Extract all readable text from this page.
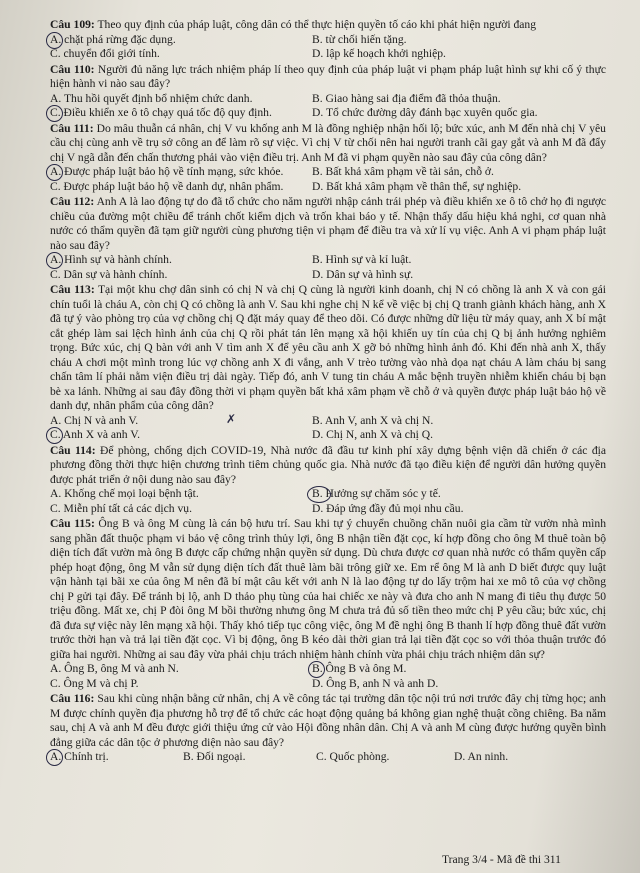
Câu 109: Theo quy định của pháp luật, công dân có thể thực hiện quyền tố cáo khi phát hiện người đang
A. chặt phá rừng đặc dụng.	B. từ chối hiến tặng.
C. chuyển đổi giới tính.	D. lập kế hoạch khởi nghiệp.
Câu 110: Người đủ năng lực trách nhiệm pháp lí theo quy định của pháp luật vi phạm pháp luật hình sự khi cố ý thực hiện hành vi nào sau đây?
A. Thu hồi quyết định bổ nhiệm chức danh.	B. Giao hàng sai địa điểm đã thỏa thuận.
C. Điều khiển xe ô tô chạy quá tốc độ quy định.	D. Tổ chức đường dây đánh bạc xuyên quốc gia.
Câu 111: Do mâu thuẫn cá nhân, chị V vu khống anh M là đồng nghiệp nhận hối lộ; bức xúc, anh M đến nhà chị V yêu cầu chị cùng anh về trụ sở công an để làm rõ sự việc. Vì chị V từ chối nên hai người tranh cãi gay gắt và anh M đã đẩy chị V ngã dẫn đến chấn thương phải vào viện điều trị. Anh M đã vi phạm quyền nào sau đây của công dân?
A. Được pháp luật bảo hộ về tính mạng, sức khỏe.	B. Bất khả xâm phạm về tài sản, chỗ ở.
C. Được pháp luật bảo hộ về danh dự, nhân phẩm.	D. Bất khả xâm phạm về thân thể, sự nghiệp.
Câu 112: Anh A là lao động tự do đã tổ chức cho năm người nhập cảnh trái phép và điều khiển xe ô tô chở họ đi ngược chiều của đường một chiều để tránh chốt kiểm dịch và trốn khai báo y tế. Nhận thấy dấu hiệu khả nghi, cơ quan nhà nước có thẩm quyền đã tạm giữ người cùng phương tiện vi phạm để điều tra và xử lí vụ việc. Anh A vi phạm pháp luật nào sau đây?
A. Hình sự và hành chính.	B. Hình sự và kỉ luật.
C. Dân sự và hành chính.	D. Dân sự và hình sự.
Câu 113: Tại một khu chợ dân sinh có chị N và chị Q cùng là người kinh doanh, chị N có chồng là anh X và con gái chín tuổi là cháu A, còn chị Q có chồng là anh V. Sau khi nghe chị N kể về việc bị chị Q tranh giành khách hàng, anh X đã tự ý vào phòng trọ của vợ chồng chị Q đặt máy quay để theo dõi. Có được những dữ liệu từ máy quay, anh X bí mật cắt ghép làm sai lệch hình ảnh của chị Q rồi phát tán lên mạng xã hội khiến uy tín của chị Q bị ảnh hưởng nghiêm trọng. Bức xúc, chị Q bàn với anh V tìm anh X để yêu cầu anh X gỡ bỏ những hình ảnh đó. Khi đến nhà anh X, thấy cháu A chơi một mình trong lúc vợ chồng anh X đi vắng, anh V trèo tường vào nhà dọa nạt cháu A làm cháu bị sang chấn tâm lí phải nằm viện điều trị dài ngày. Tiếp đó, anh V tung tin cháu A mắc bệnh truyền nhiễm khiến cháu bị bạn bè xa lánh. Những ai sau đây đồng thời vi phạm quyền bất khả xâm phạm về chỗ ở và quyền được pháp luật bảo hộ về danh dự, nhân phẩm của công dân?
A. Chị N và anh V.	✗	B. Anh V, anh X và chị N.
C. Anh X và anh V.	D. Chị N, anh X và chị Q.
Câu 114: Để phòng, chống dịch COVID-19, Nhà nước đã đầu tư kinh phí xây dựng bệnh viện dã chiến ở các địa phương đồng thời thực hiện chương trình tiêm chủng quốc gia. Nhà nước đã tạo điều kiện để người dân hưởng quyền được phát triển ở nội dung nào sau đây?
A. Khống chế mọi loại bệnh tật.	B. Hưởng sự chăm sóc y tế.
C. Miễn phí tất cả các dịch vụ.	D. Đáp ứng đầy đủ mọi nhu cầu.
Câu 115: Ông B và ông M cùng là cán bộ hưu trí. Sau khi tự ý chuyển chuồng chăn nuôi gia cầm từ vườn nhà mình sang phần đất thuộc phạm vi bảo vệ công trình thủy lợi, ông B nhận tiền đặt cọc, kí hợp đồng cho ông M thuê toàn bộ diện tích đất vườn mà ông B được cấp chứng nhận quyền sử dụng. Dù chưa được cơ quan nhà nước có thẩm quyền cấp phép hoạt động, ông M vẫn sử dụng diện tích đất thuê làm bãi trông giữ xe. Em rể ông M là anh D biết được quy luật vận hành tại bãi xe của ông M nên đã bí mật câu kết với anh N là lao động tự do lấy trộm hai xe mô tô của vợ chồng chị P gửi tại đây. Để tránh bị lộ, anh D thảo phụ tùng của hai chiếc xe này và đưa cho anh N mang đi tiêu thụ được 50 triệu đồng. Mất xe, chị P đòi ông M bồi thường nhưng ông M chưa trả đủ số tiền theo mức chị P yêu cầu; bức xúc, chị đã đưa sự việc này lên mạng xã hội. Thấy khó tiếp tục công việc, ông M đề nghị ông B thanh lí hợp đồng thuê đất vườn trước thời hạn và trả lại tiền đặt cọc. Vì bị động, ông B kéo dài thời gian trả lại tiền đặt cọc so với thỏa thuận trước đó giữa hai người. Những ai sau đây vừa phải chịu trách nhiệm hành chính vừa phải chịu trách nhiệm dân sự?
A. Ông B, ông M và anh N.	B. Ông B và ông M.
C. Ông M và chị P.	D. Ông B, anh N và anh D.
Câu 116: Sau khi cùng nhận bằng cử nhân, chị A về công tác tại trường dân tộc nội trú nơi trước đây chị từng học; anh M được chính quyền địa phương hỗ trợ để tổ chức các hoạt động quảng bá không gian nghệ thuật cồng chiêng. Ba năm sau, chị A và anh M đều được giới thiệu ứng cử vào Hội đồng nhân dân. Chị A và anh M cùng được hưởng quyền bình đẳng giữa các dân tộc ở phương diện nào sau đây?
A. Chính trị.	B. Đối ngoại.	C. Quốc phòng.	D. An ninh.
Trang 3/4 - Mã đề thi 311
